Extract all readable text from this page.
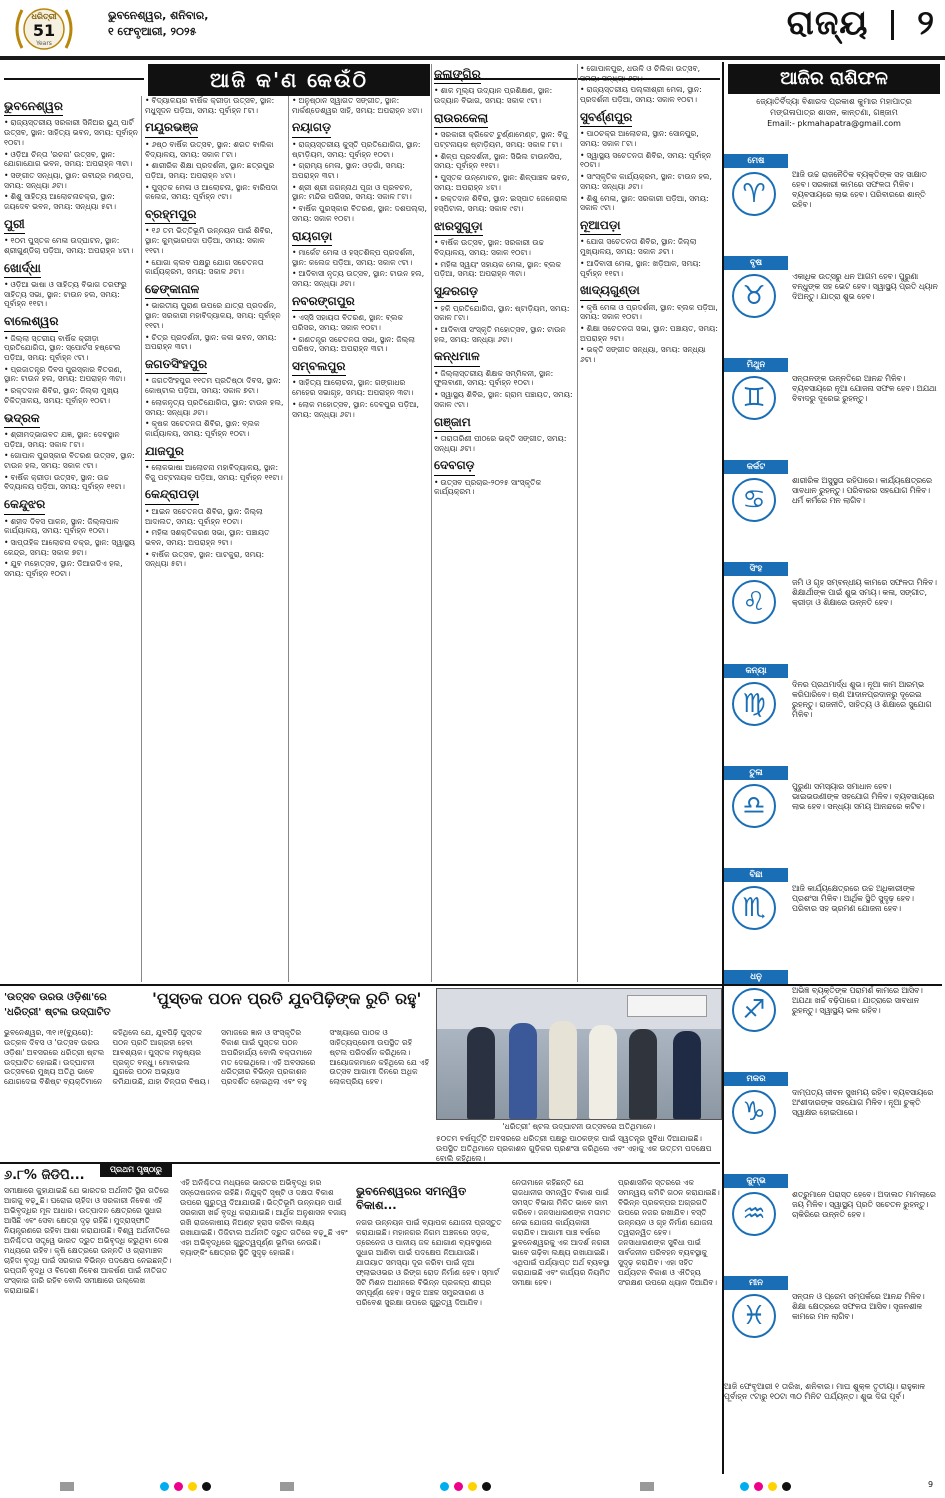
ଧରିତ୍ରୀ
51
Years
ଭୁବନେଶ୍ୱର, ଶନିବାର,
୧ ଫେବୃଆରୀ, ୨୦୨୫	ରାଜ୍ୟ ୨
ଆଜି କ'ଣ କେଉଁଠି
ଭୁବନେଶ୍ୱର

• ରାଜ୍ୟସ୍ତରୀୟ ସରକାରୀ ସିନିଅର ୟୁଥ୍ ପାର୍ଟି ଉତ୍ସବ, ସ୍ଥାନ: ସାହିତ୍ୟ ଭବନ, ସମୟ: ପୂର୍ବାହ୍ନ ୧୦ଟା।

• ଓଡ଼ିଆ ଚିନ୍ତା 'ରଚନା' ଉତ୍ସବ, ସ୍ଥାନ: ଯୋଗାଯୋଗ ଭବନ, ସମୟ: ଅପରାହ୍ନ ୩ଟା।

• ସଙ୍ଗୀତ ସନ୍ଧ୍ୟା, ସ୍ଥାନ: ରବୀନ୍ଦ୍ର ମଣ୍ଡପ, ସମୟ: ସନ୍ଧ୍ୟା ୬ଟା।

• ଶିଶୁ ସାହିତ୍ୟ ଆଲୋଚନାଚକ୍ର, ସ୍ଥାନ: ଜୟଦେବ ଭବନ, ସମୟ: ସନ୍ଧ୍ୟା ୫ଟା।

ପୁରୀ

• ୧୦ମ ପୁସ୍ତକ ମେଳା ଉଦ୍‌ଘାଟନ, ସ୍ଥାନ: ଶ୍ରୀଗୁଣ୍ଡିଚା ପଡ଼ିଆ, ସମୟ: ଅପରାହ୍ନ ୪ଟା।

ଖୋର୍ଦ୍ଧା

• ଓଡ଼ିଆ ଭାଷା ଓ ସାହିତ୍ୟ ବିଭାଗ ତରଫରୁ ସାହିତ୍ୟ ସଭା, ସ୍ଥାନ: ଟାଉନ ହଲ, ସମୟ: ପୂର୍ବାହ୍ନ ୧୧ଟା।

ବାଲେଶ୍ୱର

• ଜିଲ୍ଲା ସ୍ତରୀୟ ବାର୍ଷିକ କ୍ରୀଡ଼ା ପ୍ରତିଯୋଗିତା, ସ୍ଥାନ: ସ୍ପୋର୍ଟସ ହଷ୍ଟେଲ ପଡ଼ିଆ, ସମୟ: ପୂର୍ବାହ୍ନ ୯ଟା।

• ପ୍ରଜାତନ୍ତ୍ର ଦିବସ ପୁରସ୍କାର ବିତରଣ, ସ୍ଥାନ: ଟାଉନ ହଲ, ସମୟ: ଅପରାହ୍ନ ୩ଟା।

• ରକ୍ତଦାନ ଶିବିର, ସ୍ଥାନ: ଜିଲ୍ଲା ମୁଖ୍ୟ ଚିକିତ୍ସାଳୟ, ସମୟ: ପୂର୍ବାହ୍ନ ୧୦ଟା।

ଭଦ୍ରକ

• ଶ୍ରୀମଦ୍‌ଭାଗବତ ଯଜ୍ଞ, ସ୍ଥାନ: ଦେବସ୍ଥାନ ପଡ଼ିଆ, ସମୟ: ସକାଳ ୮ଟା।

• ଗୋପାଳ ପୁରସ୍କାର ବିତରଣ ଉତ୍ସବ, ସ୍ଥାନ: ଟାଉନ ହଲ, ସମୟ: ସକାଳ ୯ଟା।

• ବାର୍ଷିକ କ୍ରୀଡ଼ା ଉତ୍ସବ, ସ୍ଥାନ: ଉଚ୍ଚ ବିଦ୍ୟାଳୟ ପଡ଼ିଆ, ସମୟ: ପୂର୍ବାହ୍ନ ୧୧ଟା।

କେନ୍ଦୁଝର

• ଶହୀଦ ଦିବସ ପାଳନ, ସ୍ଥାନ: ଜିଲ୍ଲାପାଳ କାର୍ଯ୍ୟାଳୟ, ସମୟ: ପୂର୍ବାହ୍ନ ୧୦ଟା।

• ସାପ୍ତାହିକ ଆଲୋଚନା ଚକ୍ର, ସ୍ଥାନ: ସ୍ୱାସ୍ଥ୍ୟ କେନ୍ଦ୍ର, ସମୟ: ସକାଳ ୭ଟା।

• ଯୁବ ମହୋତ୍ସବ, ସ୍ଥାନ: ଡିଆରଡିଏ ହଲ, ସମୟ: ପୂର୍ବାହ୍ନ ୧୦ଟା।

• ବିଦ୍ୟାଳୟର ବାର୍ଷିକ କ୍ରୀଡ଼ା ଉତ୍ସବ, ସ୍ଥାନ: ମଧୁସୂଦନ ପଡ଼ିଆ, ସମୟ: ପୂର୍ବାହ୍ନ ୮ଟା।

ମୟୂରଭଞ୍ଜ

• ୬ଷ୍ଠ ବାର୍ଷିକ ଉତ୍ସବ, ସ୍ଥାନ: ଶରତ ବାଲିକା ବିଦ୍ୟାଳୟ, ସମୟ: ସକାଳ ୮ଟା।

• ଶାରୀରିକ ଶିକ୍ଷା ପ୍ରଦର୍ଶନୀ, ସ୍ଥାନ: ଛତ୍ରପୁର ପଡ଼ିଆ, ସମୟ: ଅପରାହ୍ନ ୪ଟା।

• ପୁସ୍ତକ ମେଳା ଓ ଆଲୋଚନା, ସ୍ଥାନ: ବାରିପଦା କଲେଜ, ସମୟ: ପୂର୍ବାହ୍ନ ୯ଟା।

ବ୍ରହ୍ମପୁର

• ୧୬ ତମ ଭିତ୍ତିଭୂମି ଉନ୍ନୟନ ପାଇଁ ଶିବିର, ସ୍ଥାନ: କୁମ୍ଭାରପଦା ପଡ଼ିଆ, ସମୟ: ସକାଳ ୧୧ଟା।

• ଯୋଗା କ୍ଲବ ପକ୍ଷରୁ ଯୋଗ ସଚେତନତା କାର୍ଯ୍ୟକ୍ରମ, ସମୟ: ସକାଳ ୬ଟା।

ଢେଙ୍କାନାଳ

• ଭାରତୀୟ ପୁରାଣ ଉପରେ ଯାତ୍ରା ପ୍ରଦର୍ଶନ, ସ୍ଥାନ: ସରକାରୀ ମହାବିଦ୍ୟାଳୟ, ସମୟ: ପୂର୍ବାହ୍ନ ୧୧ଟା।

• ଚିତ୍ର ପ୍ରଦର୍ଶନୀ, ସ୍ଥାନ: କଳା ଭବନ, ସମୟ: ଅପରାହ୍ନ ୩ଟା।

ଜଗତସିଂହପୁର

• ଜଗତସିଂହପୁର ୧୧ତମ ପ୍ରତିଷ୍ଠା ଦିବସ, ସ୍ଥାନ: କୋଷ୍ଟାଲ ପଡ଼ିଆ, ସମୟ: ସକାଳ ୭ଟା।

• ଲୋକନୃତ୍ୟ ପ୍ରତିଯୋଗିତା, ସ୍ଥାନ: ଟାଉନ ହଲ, ସମୟ: ସନ୍ଧ୍ୟା ୬ଟା।

• କୃଷକ ସଚେତନତା ଶିବିର, ସ୍ଥାନ: ବ୍ଲକ କାର୍ଯ୍ୟାଳୟ, ସମୟ: ପୂର୍ବାହ୍ନ ୧୦ଟା।

ଯାଜପୁର

• ଲୋକଭାଷା ଆଲୋଚନା ମହାବିଦ୍ୟାଳୟ, ସ୍ଥାନ: ବିଜୁ ପଟ୍ଟନାୟକ ପଡ଼ିଆ, ସମୟ: ପୂର୍ବାହ୍ନ ୧୧ଟା।

କେନ୍ଦ୍ରାପଡ଼ା

• ଆଇନ ସଚେତନତା ଶିବିର, ସ୍ଥାନ: ଜିଲ୍ଲା ଆଦାଲତ, ସମୟ: ପୂର୍ବାହ୍ନ ୧୦ଟା।

• ମହିଳା ସଶକ୍ତିକରଣ ସଭା, ସ୍ଥାନ: ପଞ୍ଚାୟତ ଭବନ, ସମୟ: ଅପରାହ୍ନ ୨ଟା।

• ବାର୍ଷିକ ଉତ୍ସବ, ସ୍ଥାନ: ପାଟକୁରା, ସମୟ: ସନ୍ଧ୍ୟା ୫ଟା।

• ଅନୁଷ୍ଠାନ ସ୍ୱାଗତ ସଙ୍ଗୀତ, ସ୍ଥାନ: ମାର୍କଣ୍ଡେଶ୍ୱର ସାହି, ସମୟ: ଅପରାହ୍ନ ୪ଟା।

ନୟାଗଡ଼

• ରାଜ୍ୟସ୍ତରୀୟ କୁସ୍ତି ପ୍ରତିଯୋଗିତା, ସ୍ଥାନ: ଷ୍ଟାଡ଼ିୟମ, ସମୟ: ପୂର୍ବାହ୍ନ ୧୦ଟା।

• ଗ୍ରାମ୍ୟ ମେଳା, ସ୍ଥାନ: ଓଡ଼ଗାଁ, ସମୟ: ଅପରାହ୍ନ ୩ଟା।

• ଶ୍ରୀ ଶ୍ରୀ ଜଗନ୍ନାଥ ପୂଜା ଓ ପ୍ରବଚନ, ସ୍ଥାନ: ମନ୍ଦିର ପରିସର, ସମୟ: ସକାଳ ୮ଟା।

• ବାର୍ଷିକ ପୁରସ୍କାର ବିତରଣ, ସ୍ଥାନ: ଦଶପଲ୍ଲା, ସମୟ: ସକାଳ ୧୦ଟା।

ରାୟଗଡ଼ା

• ମାର୍କେଟ ମେଳା ଓ ହସ୍ତଶିଳ୍ପ ପ୍ରଦର୍ଶନୀ, ସ୍ଥାନ: କଲେଜ ପଡ଼ିଆ, ସମୟ: ସକାଳ ୯ଟା।

• ଆଦିବାସୀ ନୃତ୍ୟ ଉତ୍ସବ, ସ୍ଥାନ: ଟାଉନ ହଲ, ସମୟ: ସନ୍ଧ୍ୟା ୬ଟା।

ନବରଙ୍ଗପୁର

• ଏସ୍‌ସି ସହାୟତା ବିତରଣ, ସ୍ଥାନ: ବ୍ଲକ ପରିସର, ସମୟ: ସକାଳ ୧୦ଟା।

• ଗଣତନ୍ତ୍ର ସଚେତନତା ସଭା, ସ୍ଥାନ: ଜିଲ୍ଲା ପରିଷଦ, ସମୟ: ଅପରାହ୍ନ ୩ଟା।

ସମ୍ବଲପୁର

• ସାହିତ୍ୟ ଆଲୋଚନା, ସ୍ଥାନ: ଗଙ୍ଗାଧର ମେହେର ସଭାଗୃହ, ସମୟ: ଅପରାହ୍ନ ୩ଟା।

• ଲୋକ ମହୋତ୍ସବ, ସ୍ଥାନ: ଦେବପୁର ପଡ଼ିଆ, ସମୟ: ସନ୍ଧ୍ୟା ୬ଟା।

ଜଳାଙ୍ଗିର

• ଶାକ ମୂଲ୍ୟ ଉଦ୍ୟାନ ପ୍ରଶିକ୍ଷଣ, ସ୍ଥାନ: ଉଦ୍ୟାନ ବିଭାଗ, ସମୟ: ସକାଳ ୯ଟା।

ରାଉରକେଲା

• ସରକାରୀ କ୍ରିକେଟ ଟୁର୍ଣ୍ଣାମେଣ୍ଟ, ସ୍ଥାନ: ବିଜୁ ପଟ୍ଟନାୟକ ଷ୍ଟାଡ଼ିୟମ, ସମୟ: ସକାଳ ୮ଟା।

• ଶିଳ୍ପ ପ୍ରଦର୍ଶନୀ, ସ୍ଥାନ: ସିଭିଲ ଟାଉନସିପ, ସମୟ: ପୂର୍ବାହ୍ନ ୧୧ଟା।

• ପୁସ୍ତକ ଉନ୍ମୋଚନ, ସ୍ଥାନ: ଶିଳ୍ପାଞ୍ଚଳ ଭବନ, ସମୟ: ଅପରାହ୍ନ ୪ଟା।

• ରକ୍ତଦାନ ଶିବିର, ସ୍ଥାନ: ଇସ୍ପାତ ଜେନେରାଲ ହସ୍ପିଟାଲ, ସମୟ: ସକାଳ ୯ଟା।

ଝାରସୁଗୁଡ଼ା

• ବାର୍ଷିକ ଉତ୍ସବ, ସ୍ଥାନ: ସରକାରୀ ଉଚ୍ଚ ବିଦ୍ୟାଳୟ, ସମୟ: ସକାଳ ୧୦ଟା।

• ମହିଳା ସ୍ୱୟଂ ସହାୟକ ମେଳା, ସ୍ଥାନ: ବ୍ଲକ ପଡ଼ିଆ, ସମୟ: ଅପରାହ୍ନ ୩ଟା।

ସୁନ୍ଦରଗଡ଼

• ହକି ପ୍ରତିଯୋଗିତା, ସ୍ଥାନ: ଷ୍ଟାଡ଼ିୟମ, ସମୟ: ସକାଳ ୮ଟା।

• ଆଦିବାସୀ ସଂସ୍କୃତି ମହୋତ୍ସବ, ସ୍ଥାନ: ଟାଉନ ହଲ, ସମୟ: ସନ୍ଧ୍ୟା ୬ଟା।

କନ୍ଧମାଳ

• ଜିଲ୍ଲାସ୍ତରୀୟ ଶିକ୍ଷକ ସମ୍ମିଳନୀ, ସ୍ଥାନ: ଫୁଲବାଣୀ, ସମୟ: ପୂର୍ବାହ୍ନ ୧୦ଟା।

• ସ୍ୱାସ୍ଥ୍ୟ ଶିବିର, ସ୍ଥାନ: ଗ୍ରାମ ପଞ୍ଚାୟତ, ସମୟ: ସକାଳ ୯ଟା।

ଗଞ୍ଜାମ

• ତାରାତାରିଣୀ ପୀଠରେ ଭକ୍ତି ସଙ୍ଗୀତ, ସମୟ: ସନ୍ଧ୍ୟା ୬ଟା।

ଦେବଗଡ଼

• ଉତ୍ସବ ପ୍ରଚାର-୨୦୨୫ ସାଂସ୍କୃତିକ କାର୍ଯ୍ୟକ୍ରମ।

• ଗୋପାଳପୁର, ଧଉଳି ଓ ଚିଲିକା ଉତ୍ସବ, ସମୟ: ସନ୍ଧ୍ୟା ୬ଟା।

• ରାଜ୍ୟସ୍ତରୀୟ ପଲ୍ଲୀଶ୍ରୀ ମେଳା, ସ୍ଥାନ: ପ୍ରଦର୍ଶନୀ ପଡ଼ିଆ, ସମୟ: ସକାଳ ୧୦ଟା।

ସୁବର୍ଣ୍ଣପୁର

• ପାଠଚକ୍ର ଆଲୋଚନା, ସ୍ଥାନ: ସୋନପୁର, ସମୟ: ସକାଳ ୮ଟା।

• ସ୍ୱାସ୍ଥ୍ୟ ସଚେତନତା ଶିବିର, ସମୟ: ପୂର୍ବାହ୍ନ ୧୦ଟା।

• ସାଂସ୍କୃତିକ କାର୍ଯ୍ୟକ୍ରମ, ସ୍ଥାନ: ଟାଉନ ହଲ, ସମୟ: ସନ୍ଧ୍ୟା ୬ଟା।

• ଶିଶୁ ମେଳା, ସ୍ଥାନ: ସରକାରୀ ପଡ଼ିଆ, ସମୟ: ସକାଳ ୯ଟା।

ନୂଆପଡ଼ା

• ଯୋଗ ସଚେତନତା ଶିବିର, ସ୍ଥାନ: ଜିଲ୍ଲା ମୁଖ୍ୟାଳୟ, ସମୟ: ସକାଳ ୬ଟା।

• ଆଦିବାସୀ ମେଳା, ସ୍ଥାନ: ଖଡ଼ିଆଳ, ସମୟ: ପୂର୍ବାହ୍ନ ୧୧ଟା।

ଖାଦ୍ୟଗୁଣ୍ଡା

• କୃଷି ମେଳା ଓ ପ୍ରଦର୍ଶନୀ, ସ୍ଥାନ: ବ୍ଲକ ପଡ଼ିଆ, ସମୟ: ସକାଳ ୧୦ଟା।

• ଶିକ୍ଷା ସଚେତନତା ସଭା, ସ୍ଥାନ: ପଞ୍ଚାୟତ, ସମୟ: ଅପରାହ୍ନ ୨ଟା।

• ଭକ୍ତି ସଙ୍ଗୀତ ସନ୍ଧ୍ୟା, ସମୟ: ସନ୍ଧ୍ୟା ୬ଟା।

ଆଜିର ରାଶିଫଳ
ଜ୍ୟୋତିର୍ବିଦ୍ୟା ବିଶାରଦ ପ୍ରକାଶ କୁମାର ମହାପାତ୍ର
ମଙ୍ଗଳାପାତ୍ର ଶାସନ, କାନ୍ତଣା, ଗଞ୍ଜାମ
Email:- pkmahapatra@gmail.com
ମେଷ
♈
ଆଜି ଉଚ୍ଚ ରାଜନୈତିକ ବ୍ୟକ୍ତିଙ୍କ ସହ ସାକ୍ଷାତ ହେବ। ସରକାରୀ କାମରେ ସଫଳତା ମିଳିବ। ବ୍ୟବସାୟରେ ଲାଭ ହେବ। ପରିବାରରେ ଶାନ୍ତି ରହିବ।
ବୃଷ
♉
ଏକାଧିକ ଉତ୍ସରୁ ଧନ ଆଗମ ହେବ। ପୁରୁଣା ବନ୍ଧୁଙ୍କ ସହ ଭେଟ ହେବ। ସ୍ୱାସ୍ଥ୍ୟ ପ୍ରତି ଧ୍ୟାନ ଦିଅନ୍ତୁ। ଯାତ୍ରା ଶୁଭ ହେବ।
ମିଥୁନ
♊
ସନ୍ତାନଙ୍କ ଉନ୍ନତିରେ ଆନନ୍ଦ ମିଳିବ। ବ୍ୟବସାୟରେ ନୂଆ ଯୋଜନା ସଫଳ ହେବ। ଅଯଥା ବିବାଦରୁ ଦୂରେଇ ରୁହନ୍ତୁ।
କର୍କଟ
♋
ଶାରୀରିକ ଅସୁସ୍ଥତା ରହିପାରେ। କାର୍ଯ୍ୟକ୍ଷେତ୍ରରେ ସାବଧାନ ରୁହନ୍ତୁ। ପରିବାରର ସହଯୋଗ ମିଳିବ। ଧର୍ମ କର୍ମରେ ମନ ଲାଗିବ।
ସିଂହ
♌
ଜମି ଓ ଗୃହ ସମ୍ବନ୍ଧୀୟ କାମରେ ସଫଳତା ମିଳିବ। ଶିକ୍ଷାର୍ଥୀଙ୍କ ପାଇଁ ଶୁଭ ସମୟ। କଳା, ସଙ୍ଗୀତ, କ୍ରୀଡ଼ା ଓ ଶିକ୍ଷାରେ ଉନ୍ନତି ହେବ।
କନ୍ୟା
♍
ଦିନର ପ୍ରଥମାର୍ଦ୍ଧ ଶୁଭ। ନୂଆ କାମ ଆରମ୍ଭ କରିପାରିବେ। ଋଣ ଆଦାନପ୍ରଦାନରୁ ଦୂରେଇ ରୁହନ୍ତୁ। ରାଜନୀତି, ସାହିତ୍ୟ ଓ ଶିକ୍ଷାରେ ସୁଯୋଗ ମିଳିବ।
ତୁଳା
♎
ପୁରୁଣା ସମସ୍ୟାର ସମାଧାନ ହେବ। ଭାଇଭଉଣୀଙ୍କ ସହଯୋଗ ମିଳିବ। ବ୍ୟବସାୟରେ ଲାଭ ହେବ। ସନ୍ଧ୍ୟା ସମୟ ଆନନ୍ଦରେ କଟିବ।
ବିଛା
♏
ଆଜି କାର୍ଯ୍ୟକ୍ଷେତ୍ରରେ ଉଚ୍ଚ ଅଧିକାରୀଙ୍କ ପ୍ରଶଂସା ମିଳିବ। ଆର୍ଥିକ ସ୍ଥିତି ସୁଦୃଢ଼ ହେବ। ପରିବାର ସହ ଭ୍ରମଣ ଯୋଜନା ହେବ।
ଧନୁ
♐
ଅଭିଜ୍ଞ ବ୍ୟକ୍ତିଙ୍କ ପରାମର୍ଶ କାମରେ ଆସିବ। ଅଯଥା ଖର୍ଚ୍ଚ ବଢ଼ିପାରେ। ଯାତ୍ରାରେ ସାବଧାନ ରୁହନ୍ତୁ। ସ୍ୱାସ୍ଥ୍ୟ ଭଲ ରହିବ।
ମକର
♑
ଦାମ୍ପତ୍ୟ ଜୀବନ ସୁଖମୟ ରହିବ। ବ୍ୟବସାୟରେ ଅଂଶୀଦାରଙ୍କ ସହଯୋଗ ମିଳିବ। ନୂଆ ଚୁକ୍ତି ସ୍ୱାକ୍ଷର ହୋଇପାରେ।
କୁମ୍ଭ
♒
ଶତ୍ରୁମାନେ ପରାସ୍ତ ହେବେ। ଅଦାଲତ ମାମଲାରେ ଜୟ ମିଳିବ। ସ୍ୱାସ୍ଥ୍ୟ ପ୍ରତି ସଚେତନ ରୁହନ୍ତୁ। ଚାକିରିରେ ଉନ୍ନତି ହେବ।
ମୀନ
♓
ସନ୍ତାନ ଓ ପ୍ରେମ ସମ୍ପର୍କରେ ଆନନ୍ଦ ମିଳିବ। ଶିକ୍ଷା କ୍ଷେତ୍ରରେ ସଫଳତା ଆସିବ। ସୃଜନଶୀଳ କାମରେ ମନ ଲାଗିବ।
ଆଜି ଫେବୃଆରୀ ୧ ତାରିଖ, ଶନିବାର। ମାଘ ଶୁକ୍ଳ ତୃତୀୟା। ରାହୁକାଳ ପୂର୍ବାହ୍ନ ୯ଟାରୁ ୧୦ଟା ୩୦ ମିନିଟ ପର୍ଯ୍ୟନ୍ତ। ଶୁଭ ଦିଗ ପୂର୍ବ।
'ଉତ୍ସବ ଉରଉ ଓଡ଼ିଶା'ରେ
'ଧରିତ୍ରୀ' ଷ୍ଟଲ ଉଦ୍‌ଘାଟିତ
'ପୁସ୍ତକ ପଠନ ପ୍ରତି ଯୁବପିଢ଼ିଙ୍କ ରୁଚି ରହୁ'
ଭୁବନେଶ୍ୱର, ୩୧।୧(ବ୍ୟୁରୋ): ଉତ୍କଳ ଦିବସ ଓ 'ଉତ୍ସବ ଉରଉ ଓଡ଼ିଶା' ଅବସରରେ ଧରିତ୍ରୀ ଷ୍ଟଲ ଉଦ୍‌ଘାଟିତ ହୋଇଛି। ଉଦ୍‌ଘାଟନୀ ଉତ୍ସବରେ ମୁଖ୍ୟ ଅତିଥି ଭାବେ ଯୋଗଦେଇ ବିଶିଷ୍ଟ ବ୍ୟକ୍ତିମାନେ କହିଥିଲେ ଯେ, ଯୁବପିଢ଼ି ପୁସ୍ତକ ପଠନ ପ୍ରତି ଆଗ୍ରହୀ ହେବା ଆବଶ୍ୟକ। ପୁସ୍ତକ ମନୁଷ୍ୟର ପ୍ରକୃତ ବନ୍ଧୁ। ମୋବାଇଲ ଯୁଗରେ ପଠନ ଅଭ୍ୟାସ କମିଯାଉଛି, ଯାହା ଚିନ୍ତାର ବିଷୟ। ସମାଜରେ ଜ୍ଞାନ ଓ ସଂସ୍କୃତିର ବିକାଶ ପାଇଁ ପୁସ୍ତକ ପଠନ ଅପରିହାର୍ଯ୍ୟ ବୋଲି ବକ୍ତାମାନେ ମତ ଦେଇଥିଲେ। ଏହି ଅବସରରେ ଧରିତ୍ରୀର ବିଭିନ୍ନ ପ୍ରକାଶନ ପ୍ରଦର୍ଶିତ ହୋଇଥିଲା ଏବଂ ବହୁ ସଂଖ୍ୟାରେ ପାଠକ ଓ ସାହିତ୍ୟପ୍ରେମୀ ଉପସ୍ଥିତ ରହି ଷ୍ଟଲ ପରିଦର୍ଶନ କରିଥିଲେ। ଆୟୋଜକମାନେ କହିଥିଲେ ଯେ ଏହି ଉତ୍ସବ ଆଗାମୀ ଦିନରେ ଅଧିକ ଲୋକପ୍ରିୟ ହେବ।
'ଧରିତ୍ରୀ' ଷ୍ଟଲ ଉଦ୍‌ଘାଟନୀ ଉତ୍ସବରେ ଅତିଥିମାନେ।
୫୦ତମ ବର୍ଷପୂର୍ତ୍ତି ଅବସରରେ ଧରିତ୍ରୀ ପକ୍ଷରୁ ପାଠକଙ୍କ ପାଇଁ ସ୍ୱତନ୍ତ୍ର ସୁବିଧା ଦିଆଯାଇଛି। ଉପସ୍ଥିତ ଅତିଥିମାନେ ପ୍ରକାଶନ ଗୁଡ଼ିକର ପ୍ରଶଂସା କରିଥିଲେ ଏବଂ ଏହାକୁ ଏକ ଉତ୍ତମ ପଦକ୍ଷେପ ବୋଲି କହିଥିଲେ।
୬.୮% ଜିଡିପି...	ପ୍ରଥମ ପୃଷ୍ଠାରୁ
ସମୀକ୍ଷାରେ କୁହାଯାଇଛି ଯେ ଭାରତର ଅର୍ଥନୀତି ସ୍ଥିର ଗତିରେ ଆଗକୁ ବଢ଼ୁଛି। ଘରୋଇ ଚାହିଦା ଓ ସରକାରୀ ନିବେଶ ଏହି ଅଭିବୃଦ୍ଧିର ମୂଳ ଆଧାର। ଉତ୍ପାଦନ କ୍ଷେତ୍ରରେ ସୁଧାର ଆସିଛି ଏବଂ ସେବା କ୍ଷେତ୍ର ଦୃଢ଼ ରହିଛି। ମୁଦ୍ରାସ୍ଫୀତି ନିୟନ୍ତ୍ରଣରେ ରହିବା ଆଶା କରାଯାଉଛି। ବିଶ୍ୱ ଅର୍ଥନୀତିରେ ଅନିଶ୍ଚିତତା ସତ୍ତ୍ୱେ ଭାରତ ଦ୍ରୁତ ଅଭିବୃଦ୍ଧି କରୁଥିବା ଦେଶ ମଧ୍ୟରେ ରହିବ। କୃଷି କ୍ଷେତ୍ରରେ ଉନ୍ନତି ଓ ଗ୍ରାମାଞ୍ଚଳ ଚାହିଦା ବୃଦ୍ଧି ପାଇଁ ସରକାର ବିଭିନ୍ନ ପଦକ୍ଷେପ ନେଇଛନ୍ତି। ରପ୍ତାନି ବୃଦ୍ଧି ଓ ବିଦେଶୀ ନିବେଶ ଆକର୍ଷଣ ପାଇଁ ନୀତିଗତ ସଂସ୍କାର ଜାରି ରହିବ ବୋଲି ସମୀକ୍ଷାରେ ଉଲ୍ଲେଖ କରାଯାଇଛି।
ଏହି ଅନିଶ୍ଚିତତା ମଧ୍ୟରେ ଭାରତର ଅଭିବୃଦ୍ଧି ହାର ସନ୍ତୋଷଜନକ ରହିଛି। ନିଯୁକ୍ତି ସୃଷ୍ଟି ଓ ଦକ୍ଷତା ବିକାଶ ଉପରେ ଗୁରୁତ୍ୱ ଦିଆଯାଉଛି। ଭିତ୍ତିଭୂମି ଉନ୍ନୟନ ପାଇଁ ସରକାରୀ ଖର୍ଚ୍ଚ ବୃଦ୍ଧି କରାଯାଇଛି। ଆର୍ଥିକ ଅନୁଶାସନ ବଜାୟ ରଖି ରାଜକୋଷୀୟ ନିଅଣ୍ଟ ହ୍ରାସ କରିବା ଲକ୍ଷ୍ୟ ରଖାଯାଇଛି। ଡିଜିଟାଲ ଅର୍ଥନୀତି ଦ୍ରୁତ ଗତିରେ ବଢ଼ୁଛି ଏବଂ ଏହା ଅଭିବୃଦ୍ଧିରେ ଗୁରୁତ୍ୱପୂର୍ଣ୍ଣ ଭୂମିକା ନେଉଛି। ବ୍ୟାଙ୍କିଂ କ୍ଷେତ୍ରର ସ୍ଥିତି ସୁଦୃଢ଼ ହୋଇଛି।
ଭୁବନେଶ୍ୱରର ସମନ୍ୱିତ ବିକାଶ...
ନଗର ଉନ୍ନୟନ ପାଇଁ ବ୍ୟାପକ ଯୋଜନା ପ୍ରସ୍ତୁତ କରାଯାଇଛି। ମହାନଗର ନିଗମ ଅଞ୍ଚଳରେ ସଡ଼କ, ଡ୍ରେନେଜ ଓ ପାନୀୟ ଜଳ ଯୋଗାଣ ବ୍ୟବସ୍ଥାରେ ସୁଧାର ଆଣିବା ପାଇଁ ପଦକ୍ଷେପ ନିଆଯାଉଛି। ଯାତାୟାତ ସମସ୍ୟା ଦୂର କରିବା ପାଇଁ ନୂଆ ଫ୍ଲାଇଓଭର ଓ ରିଙ୍ଗ ରୋଡ ନିର୍ମାଣ ହେବ। ସ୍ମାର୍ଟ ସିଟି ମିଶନ ଅଧୀନରେ ବିଭିନ୍ନ ପ୍ରକଳ୍ପ ଶୀଘ୍ର ସମ୍ପୂର୍ଣ୍ଣ ହେବ। ସବୁଜ ଅଞ୍ଚଳ ସମ୍ପ୍ରସାରଣ ଓ ପରିବେଶ ସୁରକ୍ଷା ଉପରେ ଗୁରୁତ୍ୱ ଦିଆଯିବ।
ନେତାମାନେ କହିଛନ୍ତି ଯେ ରାଜଧାନୀର ସମନ୍ୱିତ ବିକାଶ ପାଇଁ ସମସ୍ତ ବିଭାଗ ମିଳିତ ଭାବେ କାମ କରିବେ। ଜନସାଧାରଣଙ୍କ ମତାମତ ନେଇ ଯୋଜନା କାର୍ଯ୍ୟକାରୀ କରାଯିବ। ଆଗାମୀ ପାଞ୍ଚ ବର୍ଷରେ ଭୁବନେଶ୍ୱରକୁ ଏକ ଆଦର୍ଶ ନଗରୀ ଭାବେ ଗଢ଼ିବା ଲକ୍ଷ୍ୟ ରଖାଯାଇଛି। ଏଥିପାଇଁ ପର୍ଯ୍ୟାପ୍ତ ଅର୍ଥ ବ୍ୟବସ୍ଥା କରାଯାଇଛି ଏବଂ କାର୍ଯ୍ୟର ନିୟମିତ ସମୀକ୍ଷା ହେବ।
ପ୍ରଶାସନିକ ସ୍ତରରେ ଏକ ସମନ୍ୱୟ କମିଟି ଗଠନ କରାଯାଇଛି। ବିଭିନ୍ନ ପ୍ରକଳ୍ପର ଅଗ୍ରଗତି ଉପରେ ନଜର ରଖାଯିବ। ବସ୍ତି ଉନ୍ନୟନ ଓ ଗୃହ ନିର୍ମାଣ ଯୋଜନା ତ୍ୱରାନ୍ୱିତ ହେବ। ଜନସାଧାରଣଙ୍କ ସୁବିଧା ପାଇଁ ସାର୍ବଜନୀନ ପରିବହନ ବ୍ୟବସ୍ଥାକୁ ସୁଦୃଢ଼ କରାଯିବ। ଏହା ସହିତ ପର୍ଯ୍ୟଟନ ବିକାଶ ଓ ଐତିହ୍ୟ ସଂରକ୍ଷଣ ଉପରେ ଧ୍ୟାନ ଦିଆଯିବ।
9
